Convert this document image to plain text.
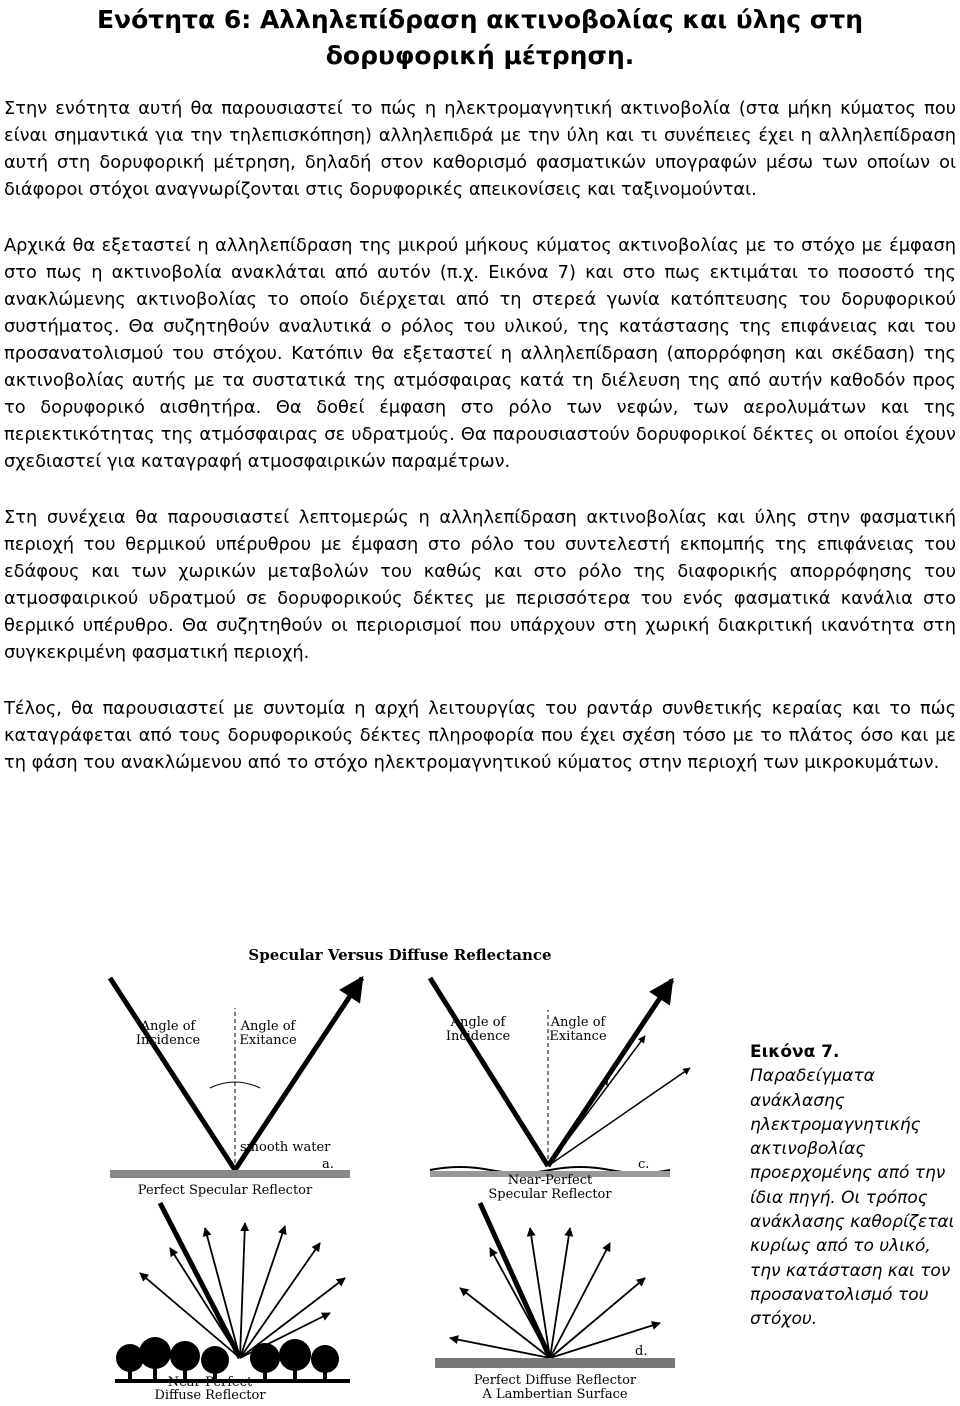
Ενότητα 6: Αλληλεπίδραση ακτινοβολίας και ύλης στη
δορυφορική μέτρηση.

Στην ενότητα αυτή θα παρουσιαστεί το πώς η ηλεκτρομαγνητική ακτινοβολία (στα μήκη κύματος που είναι σημαντικά για την τηλεπισκόπηση) αλληλεπιδρά με την ύλη και τι συνέπειες έχει η αλληλεπίδραση αυτή στη δορυφορική μέτρηση, δηλαδή στον καθορισμό φασματικών υπογραφών μέσω των οποίων οι διάφοροι στόχοι αναγνωρίζονται στις δορυφορικές απεικονίσεις και ταξινομούνται.

Αρχικά θα εξεταστεί η αλληλεπίδραση της μικρού μήκους κύματος ακτινοβολίας με το στόχο με έμφαση στο πως η ακτινοβολία ανακλάται από αυτόν (π.χ. Εικόνα 7) και στο πως εκτιμάται το ποσοστό της ανακλώμενης ακτινοβολίας το οποίο διέρχεται από τη στερεά γωνία κατόπτευσης του δορυφορικού συστήματος. Θα συζητηθούν αναλυτικά ο ρόλος του υλικού, της κατάστασης της επιφάνειας και του προσανατολισμού του στόχου. Κατόπιν θα εξεταστεί η αλληλεπίδραση (απορρόφηση και σκέδαση) της ακτινοβολίας αυτής με τα συστατικά της ατμόσφαιρας κατά τη διέλευση της από αυτήν καθοδόν προς το δορυφορικό αισθητήρα. Θα δοθεί έμφαση στο ρόλο των νεφών, των αερολυμάτων και της περιεκτικότητας της ατμόσφαιρας σε υδρατμούς. Θα παρουσιαστούν δορυφορικοί δέκτες οι οποίοι έχουν σχεδιαστεί για καταγραφή ατμοσφαιρικών παραμέτρων.

Στη συνέχεια θα παρουσιαστεί λεπτομερώς η αλληλεπίδραση ακτινοβολίας και ύλης στην φασματική περιοχή του θερμικού υπέρυθρου με έμφαση στο ρόλο του συντελεστή εκπομπής της επιφάνειας του εδάφους και των χωρικών μεταβολών του καθώς και στο ρόλο της διαφορικής απορρόφησης του ατμοσφαιρικού υδρατμού σε δορυφορικούς δέκτες με περισσότερα του ενός φασματικά κανάλια στο θερμικό υπέρυθρο. Θα συζητηθούν οι περιορισμοί που υπάρχουν στη χωρική διακριτική ικανότητα στη συγκεκριμένη φασματική περιοχή.

Τέλος, θα παρουσιαστεί με συντομία η αρχή λειτουργίας του ραντάρ συνθετικής κεραίας και το πώς καταγράφεται από τους δορυφορικούς δέκτες πληροφορία που έχει σχέση τόσο με το πλάτος όσο και με τη φάση του ανακλώμενου από το στόχο ηλεκτρομαγνητικού κύματος στην περιοχή των μικροκυμάτων.

Specular Versus Diffuse Reflectance
Angle of
Incidence
Angle of
Exitance
smooth water
a.
Perfect Specular Reflector
Angle of
Incidence
Angle of
Exitance
c.
Near-Perfect
Specular Reflector
b.
Near-Perfect
Diffuse Reflector
d.
Perfect Diffuse Reflector
A Lambertian Surface
Εικόνα 7.
Παραδείγματα ανάκλασης ηλεκτρομαγνητικής ακτινοβολίας προερχομένης από την ίδια πηγή. Οι τρόπος ανάκλασης καθορίζεται κυρίως από το υλικό, την κατάσταση και τον προσανατολισμό του στόχου.
